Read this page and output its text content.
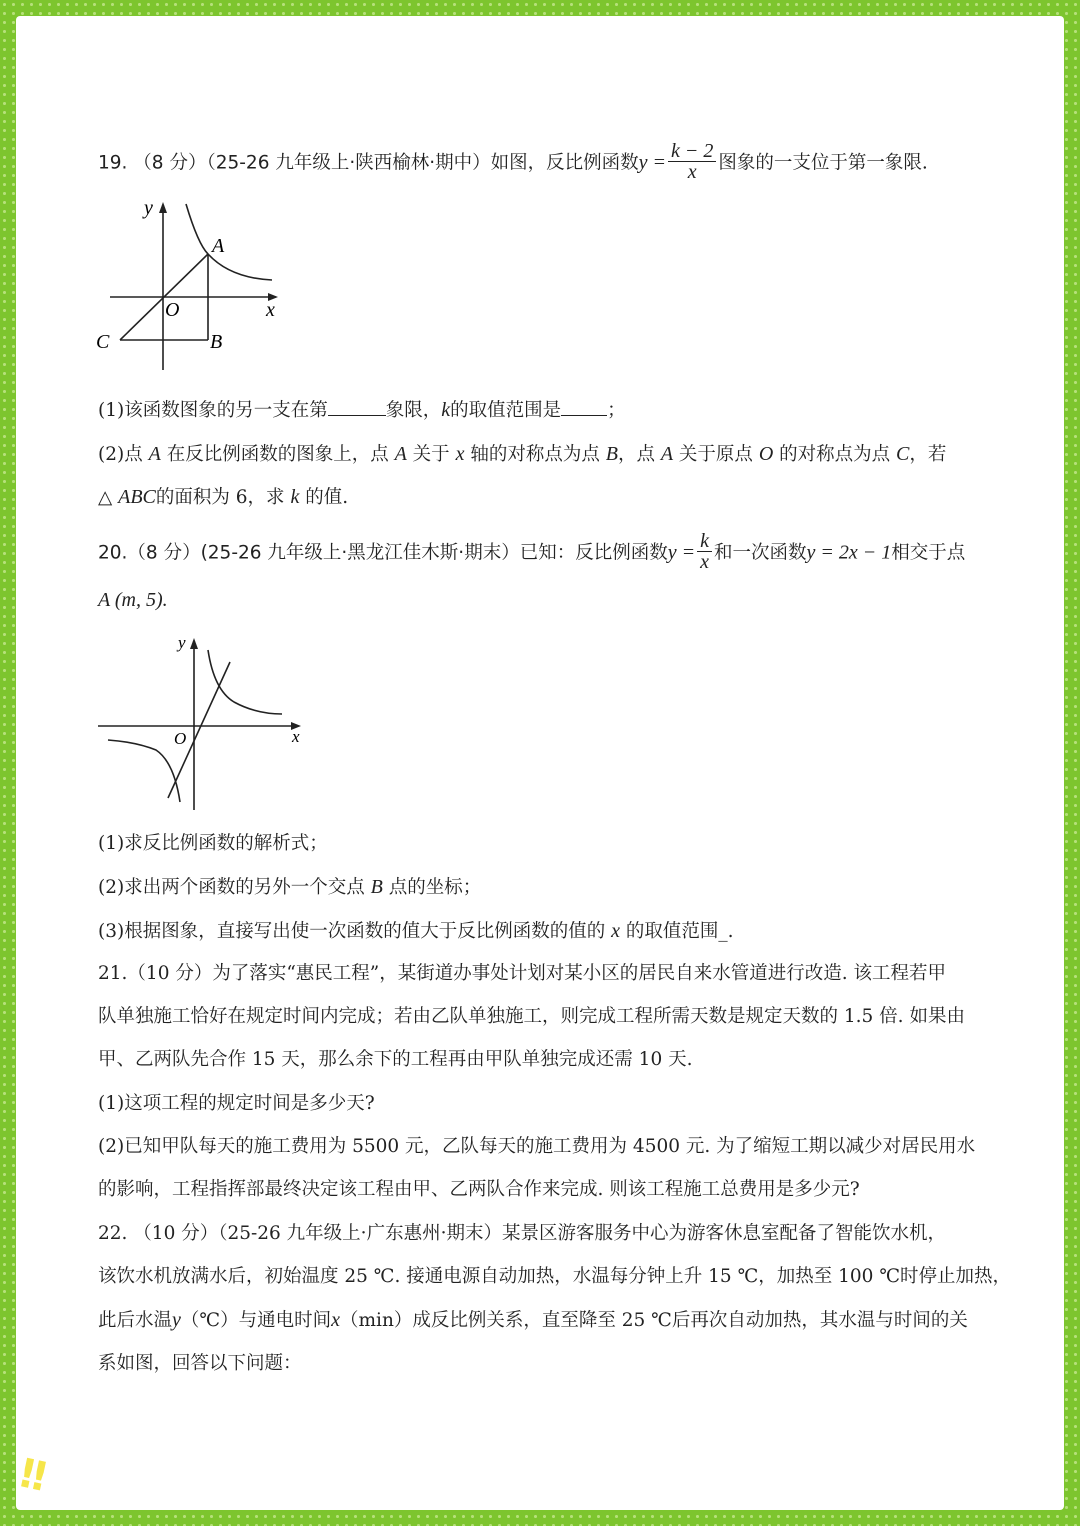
19. （8 分）（25-26 九年级上·陕西榆林·期中）如图，反比例函数$y = \frac{k - 2}{x}$ 图象的一支位于第一象限.
y
x
O
A
B
C
(1)该函数图象的另一支在第	象限，k的取值范围是 ；
(2)点 A 在反比例函数的图象上，点 A 关于 x 轴的对称点为点 B，点 A 关于原点 O 的对称点为点 C，若
△ ABC的面积为 6，求 k 的值.
20.（8 分）(25-26 九年级上·黑龙江佳木斯·期末）已知：反比例函数$y = \frac{k}{x}$ 和一次函数y = 2x − 1相交于点
A (m, 5).
y
x
O
(1)求反比例函数的解析式；
(2)求出两个函数的另外一个交点 B 点的坐标；
(3)根据图象，直接写出使一次函数的值大于反比例函数的值的 x 的取值范围_.
21.（10 分）为了落实“惠民工程”，某街道办事处计划对某小区的居民自来水管道进行改造. 该工程若甲
队单独施工恰好在规定时间内完成；若由乙队单独施工，则完成工程所需天数是规定天数的 1.5 倍. 如果由
甲、乙两队先合作 15 天，那么余下的工程再由甲队单独完成还需 10 天.
(1)这项工程的规定时间是多少天?
(2)已知甲队每天的施工费用为 5500 元，乙队每天的施工费用为 4500 元. 为了缩短工期以减少对居民用水
的影响，工程指挥部最终决定该工程由甲、乙两队合作来完成. 则该工程施工总费用是多少元?
22. （10 分）（25-26 九年级上·广东惠州·期末）某景区游客服务中心为游客休息室配备了智能饮水机，
该饮水机放满水后，初始温度 25 ℃. 接通电源自动加热，水温每分钟上升 15 ℃，加热至 100 ℃时停止加热，
此后水温y（℃）与通电时间x（min）成反比例关系，直至降至 25 ℃后再次自动加热，其水温与时间的关
系如图，回答以下问题：
!!
